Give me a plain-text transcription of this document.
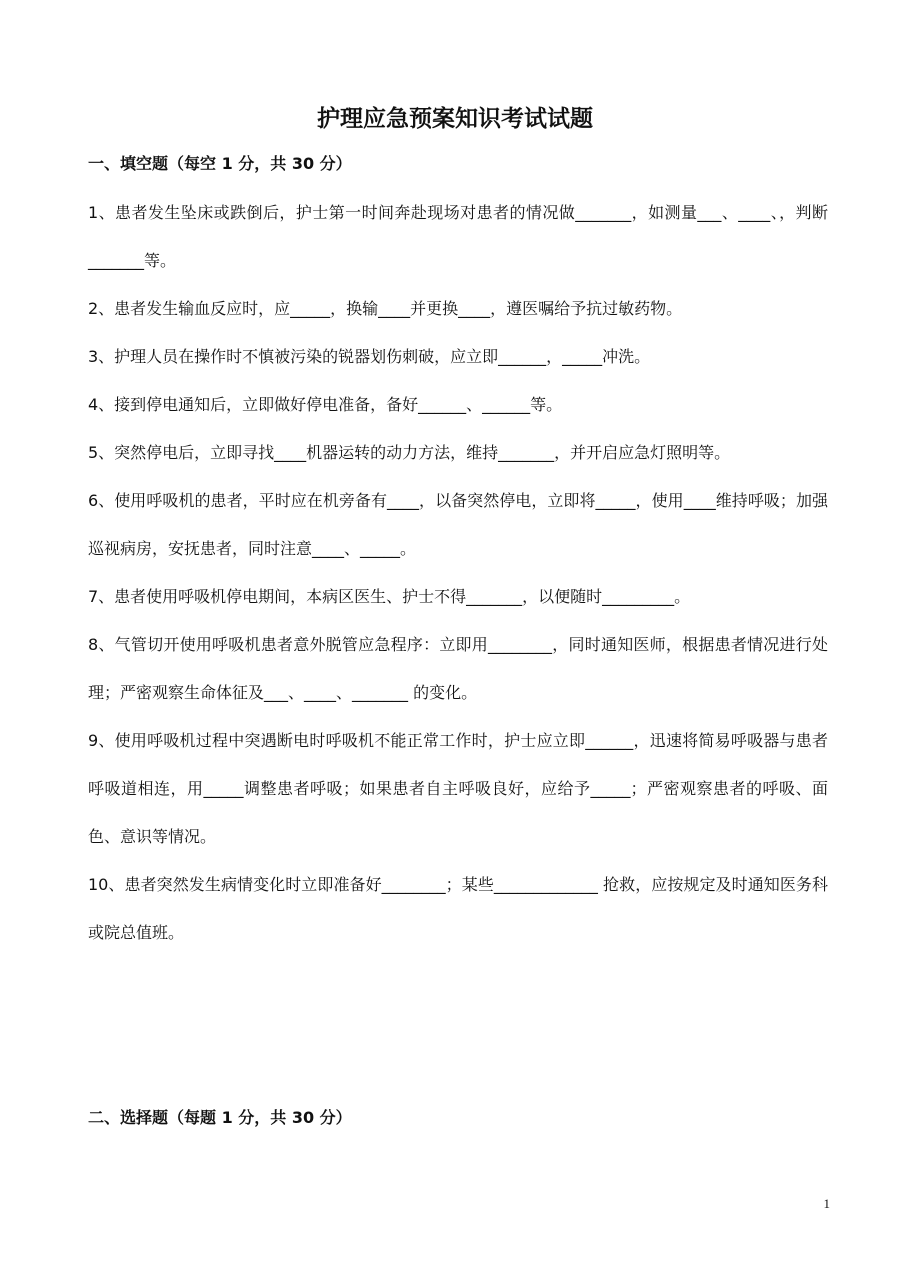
护理应急预案知识考试试题
一、填空题（每空 1 分，共 30 分）
1、患者发生坠床或跌倒后，护士第一时间奔赴现场对患者的情况做_______，如测量___、____、，判断_______等。
2、患者发生输血反应时，应_____，换输____并更换____，遵医嘱给予抗过敏药物。
3、护理人员在操作时不慎被污染的锐器划伤刺破，应立即______，_____冲洗。
4、接到停电通知后，立即做好停电准备，备好______、______等。
5、突然停电后，立即寻找____机器运转的动力方法，维持_______，并开启应急灯照明等。
6、使用呼吸机的患者，平时应在机旁备有____，以备突然停电，立即将_____，使用____维持呼吸；加强巡视病房，安抚患者，同时注意____、_____。
7、患者使用呼吸机停电期间，本病区医生、护士不得_______，以便随时_________。
8、气管切开使用呼吸机患者意外脱管应急程序：立即用________，同时通知医师，根据患者情况进行处理；严密观察生命体征及___、____、_______ 的变化。
9、使用呼吸机过程中突遇断电时呼吸机不能正常工作时，护士应立即______，迅速将简易呼吸器与患者呼吸道相连，用_____调整患者呼吸；如果患者自主呼吸良好，应给予_____；严密观察患者的呼吸、面色、意识等情况。
10、患者突然发生病情变化时立即准备好________；某些_____________ 抢救，应按规定及时通知医务科或院总值班。
二、选择题（每题 1 分，共 30 分）
1
